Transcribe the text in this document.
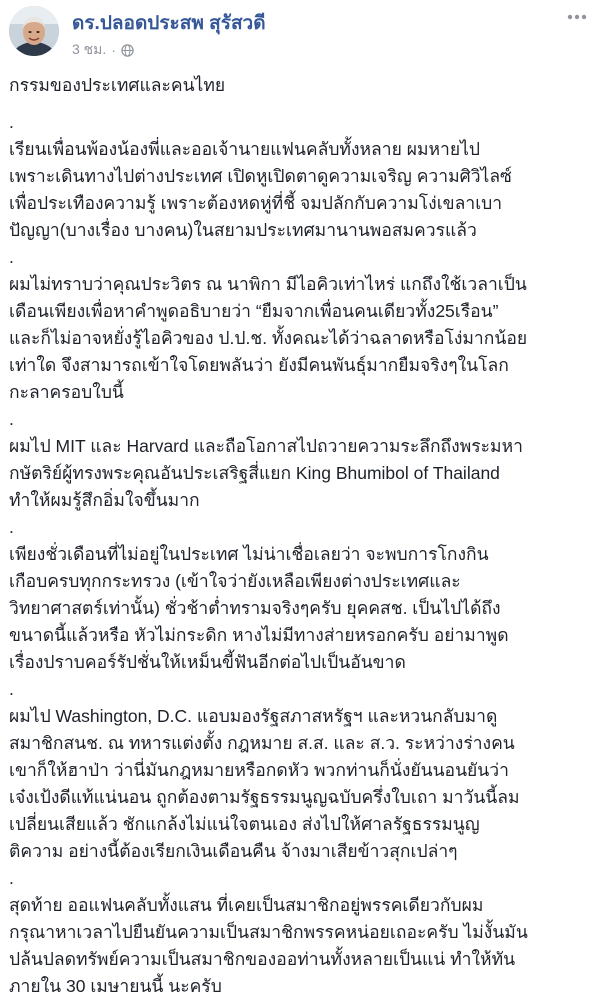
ดร.ปลอดประสพ สุรัสวดี
3 ชม. ·

กรรมของประเทศและคนไทย

.

เรียนเพื่อนพ้องน้องพี่และออเจ้านายแฟนคลับทั้งหลาย ผมหายไป
เพราะเดินทางไปต่างประเทศ เปิดหูเปิดตาดูความเจริญ ความศิวิไลซ์
เพื่อประเทืองความรู้ เพราะต้องหดหู่ที่ชี้ จมปลักกับความโง่เขลาเบา
ปัญญา(บางเรื่อง บางคน)ในสยามประเทศมานานพอสมควรแล้ว

.

ผมไม่ทราบว่าคุณประวิตร ณ นาพิกา มีไอคิวเท่าไหร่ แกถึงใช้เวลาเป็น
เดือนเพียงเพื่อหาคำพูดอธิบายว่า “ยืมจากเพื่อนคนเดียวทั้ง25เรือน”
และก็ไม่อาจหยั่งรู้ไอคิวของ ป.ป.ช. ทั้งคณะได้ว่าฉลาดหรือโง่มากน้อย
เท่าใด จึงสามารถเข้าใจโดยพลันว่า ยังมีคนพันธุ์มากยืมจริงๆในโลก
กะลาครอบใบนี้

.

ผมไป MIT และ Harvard และถือโอกาสไปถวายความระลึกถึงพระมหา
กษัตริย์ผู้ทรงพระคุณอันประเสริฐสี่แยก King Bhumibol of Thailand
ทำให้ผมรู้สึกอิ่มใจขึ้นมาก

.

เพียงชั่วเดือนที่ไม่อยู่ในประเทศ ไม่น่าเชื่อเลยว่า จะพบการโกงกิน
เกือบครบทุกกระทรวง (เข้าใจว่ายังเหลือเพียงต่างประเทศและ
วิทยาศาสตร์เท่านั้น) ชั่วช้าต่ำทรามจริงๆครับ ยุคคสช. เป็นไปได้ถึง
ขนาดนี้แล้วหรือ หัวไม่กระดิก หางไม่มีทางส่ายหรอกครับ อย่ามาพูด
เรื่องปราบคอร์รัปชั่นให้เหม็นขี้ฟันอีกต่อไปเป็นอันขาด

.

ผมไป Washington, D.C. แอบมองรัฐสภาสหรัฐฯ และหวนกลับมาดู
สมาชิกสนช. ณ ทหารแต่งตั้ง กฎหมาย ส.ส. และ ส.ว. ระหว่างร่างคน
เขาก็ให้ฮาป่า ว่านี่มันกฎหมายหรือกดหัว พวกท่านก็นั่งยันนอนยันว่า
เจ๋งเป้งดีแท้แน่นอน ถูกต้องตามรัฐธรรมนูญฉบับครึ่งใบเถา มาวันนี้ลม
เปลี่ยนเสียแล้ว ชักแกล้งไม่แน่ใจตนเอง ส่งไปให้ศาลรัฐธรรมนูญ
ติความ อย่างนี้ต้องเรียกเงินเดือนคืน จ้างมาเสียข้าวสุกเปล่าๆ

.

สุดท้าย ออแฟนคลับทั้งแสน ที่เคยเป็นสมาชิกอยู่พรรคเดียวกับผม
กรุณาหาเวลาไปยืนยันความเป็นสมาชิกพรรคหน่อยเถอะครับ ไม่งั้นมัน
ปล้นปลดทรัพย์ความเป็นสมาชิกของออท่านทั้งหลายเป็นแน่ ทำให้ทัน
ภายใน 30 เมษายนนี้ นะครับ
